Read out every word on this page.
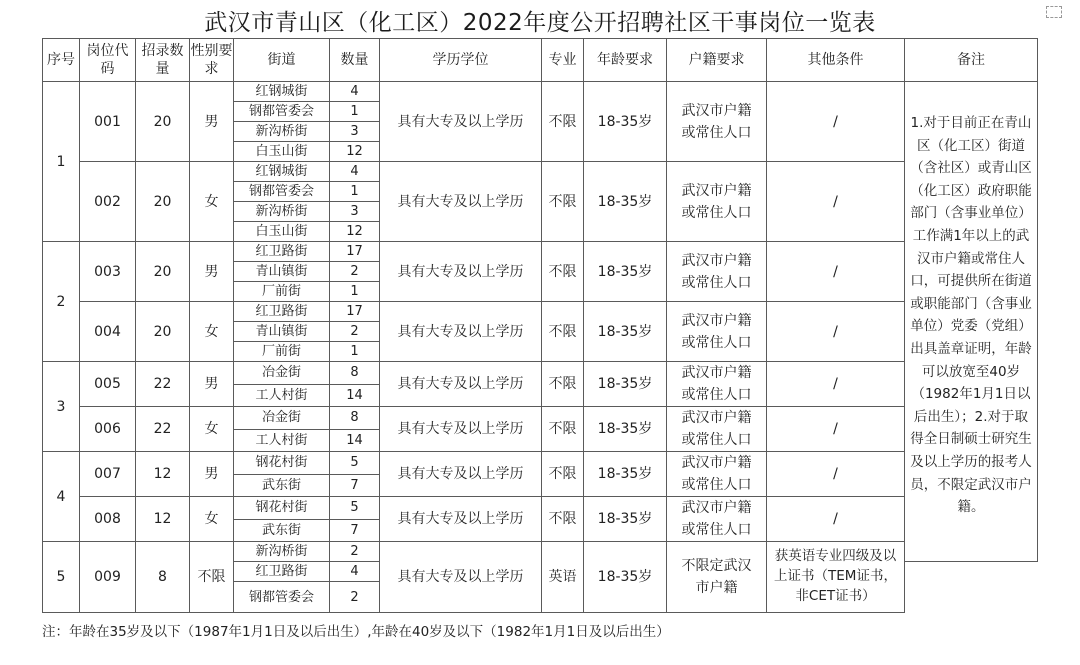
武汉市青山区（化工区）2022年度公开招聘社区干事岗位一览表
序号	岗位代码	招录数量	性别要求	街道	数量	学历学位	专业	年龄要求	户籍要求	其他条件	备注
1	001	20	男	红钢城街	4	具有大专及以上学历	不限	18-35岁	武汉市户籍或常住人口	/	1.对于目前正在青山区（化工区）街道（含社区）或青山区（化工区）政府职能部门（含事业单位）工作满1年以上的武汉市户籍或常住人口，可提供所在街道或职能部门（含事业单位）党委（党组）出具盖章证明，年龄可以放宽至40岁（1982年1月1日以后出生）；2.对于取得全日制硕士研究生及以上学历的报考人员，不限定武汉市户籍。
				钢都管委会	1						
				新沟桥街	3						
				白玉山街	12						
	002	20	女	红钢城街	4	具有大专及以上学历	不限	18-35岁	武汉市户籍或常住人口	/	
				钢都管委会	1						
				新沟桥街	3						
				白玉山街	12						
2	003	20	男	红卫路街	17	具有大专及以上学历	不限	18-35岁	武汉市户籍或常住人口	/	
				青山镇街	2						
				厂前街	1						
	004	20	女	红卫路街	17	具有大专及以上学历	不限	18-35岁	武汉市户籍或常住人口	/	
				青山镇街	2						
				厂前街	1						
3	005	22	男	冶金街	8	具有大专及以上学历	不限	18-35岁	武汉市户籍或常住人口	/	
				工人村街	14						
	006	22	女	冶金街	8	具有大专及以上学历	不限	18-35岁	武汉市户籍或常住人口	/	
				工人村街	14						
4	007	12	男	钢花村街	5	具有大专及以上学历	不限	18-35岁	武汉市户籍或常住人口	/	
				武东街	7						
	008	12	女	钢花村街	5	具有大专及以上学历	不限	18-35岁	武汉市户籍或常住人口	/	
				武东街	7						
5	009	8	不限	新沟桥街	2	具有大专及以上学历	英语	18-35岁	不限定武汉市户籍	获英语专业四级及以上证书（TEM证书，非CET证书）	
				红卫路街	4						
				钢都管委会	2						
注：年龄在35岁及以下（1987年1月1日及以后出生）,年龄在40岁及以下（1982年1月1日及以后出生）
